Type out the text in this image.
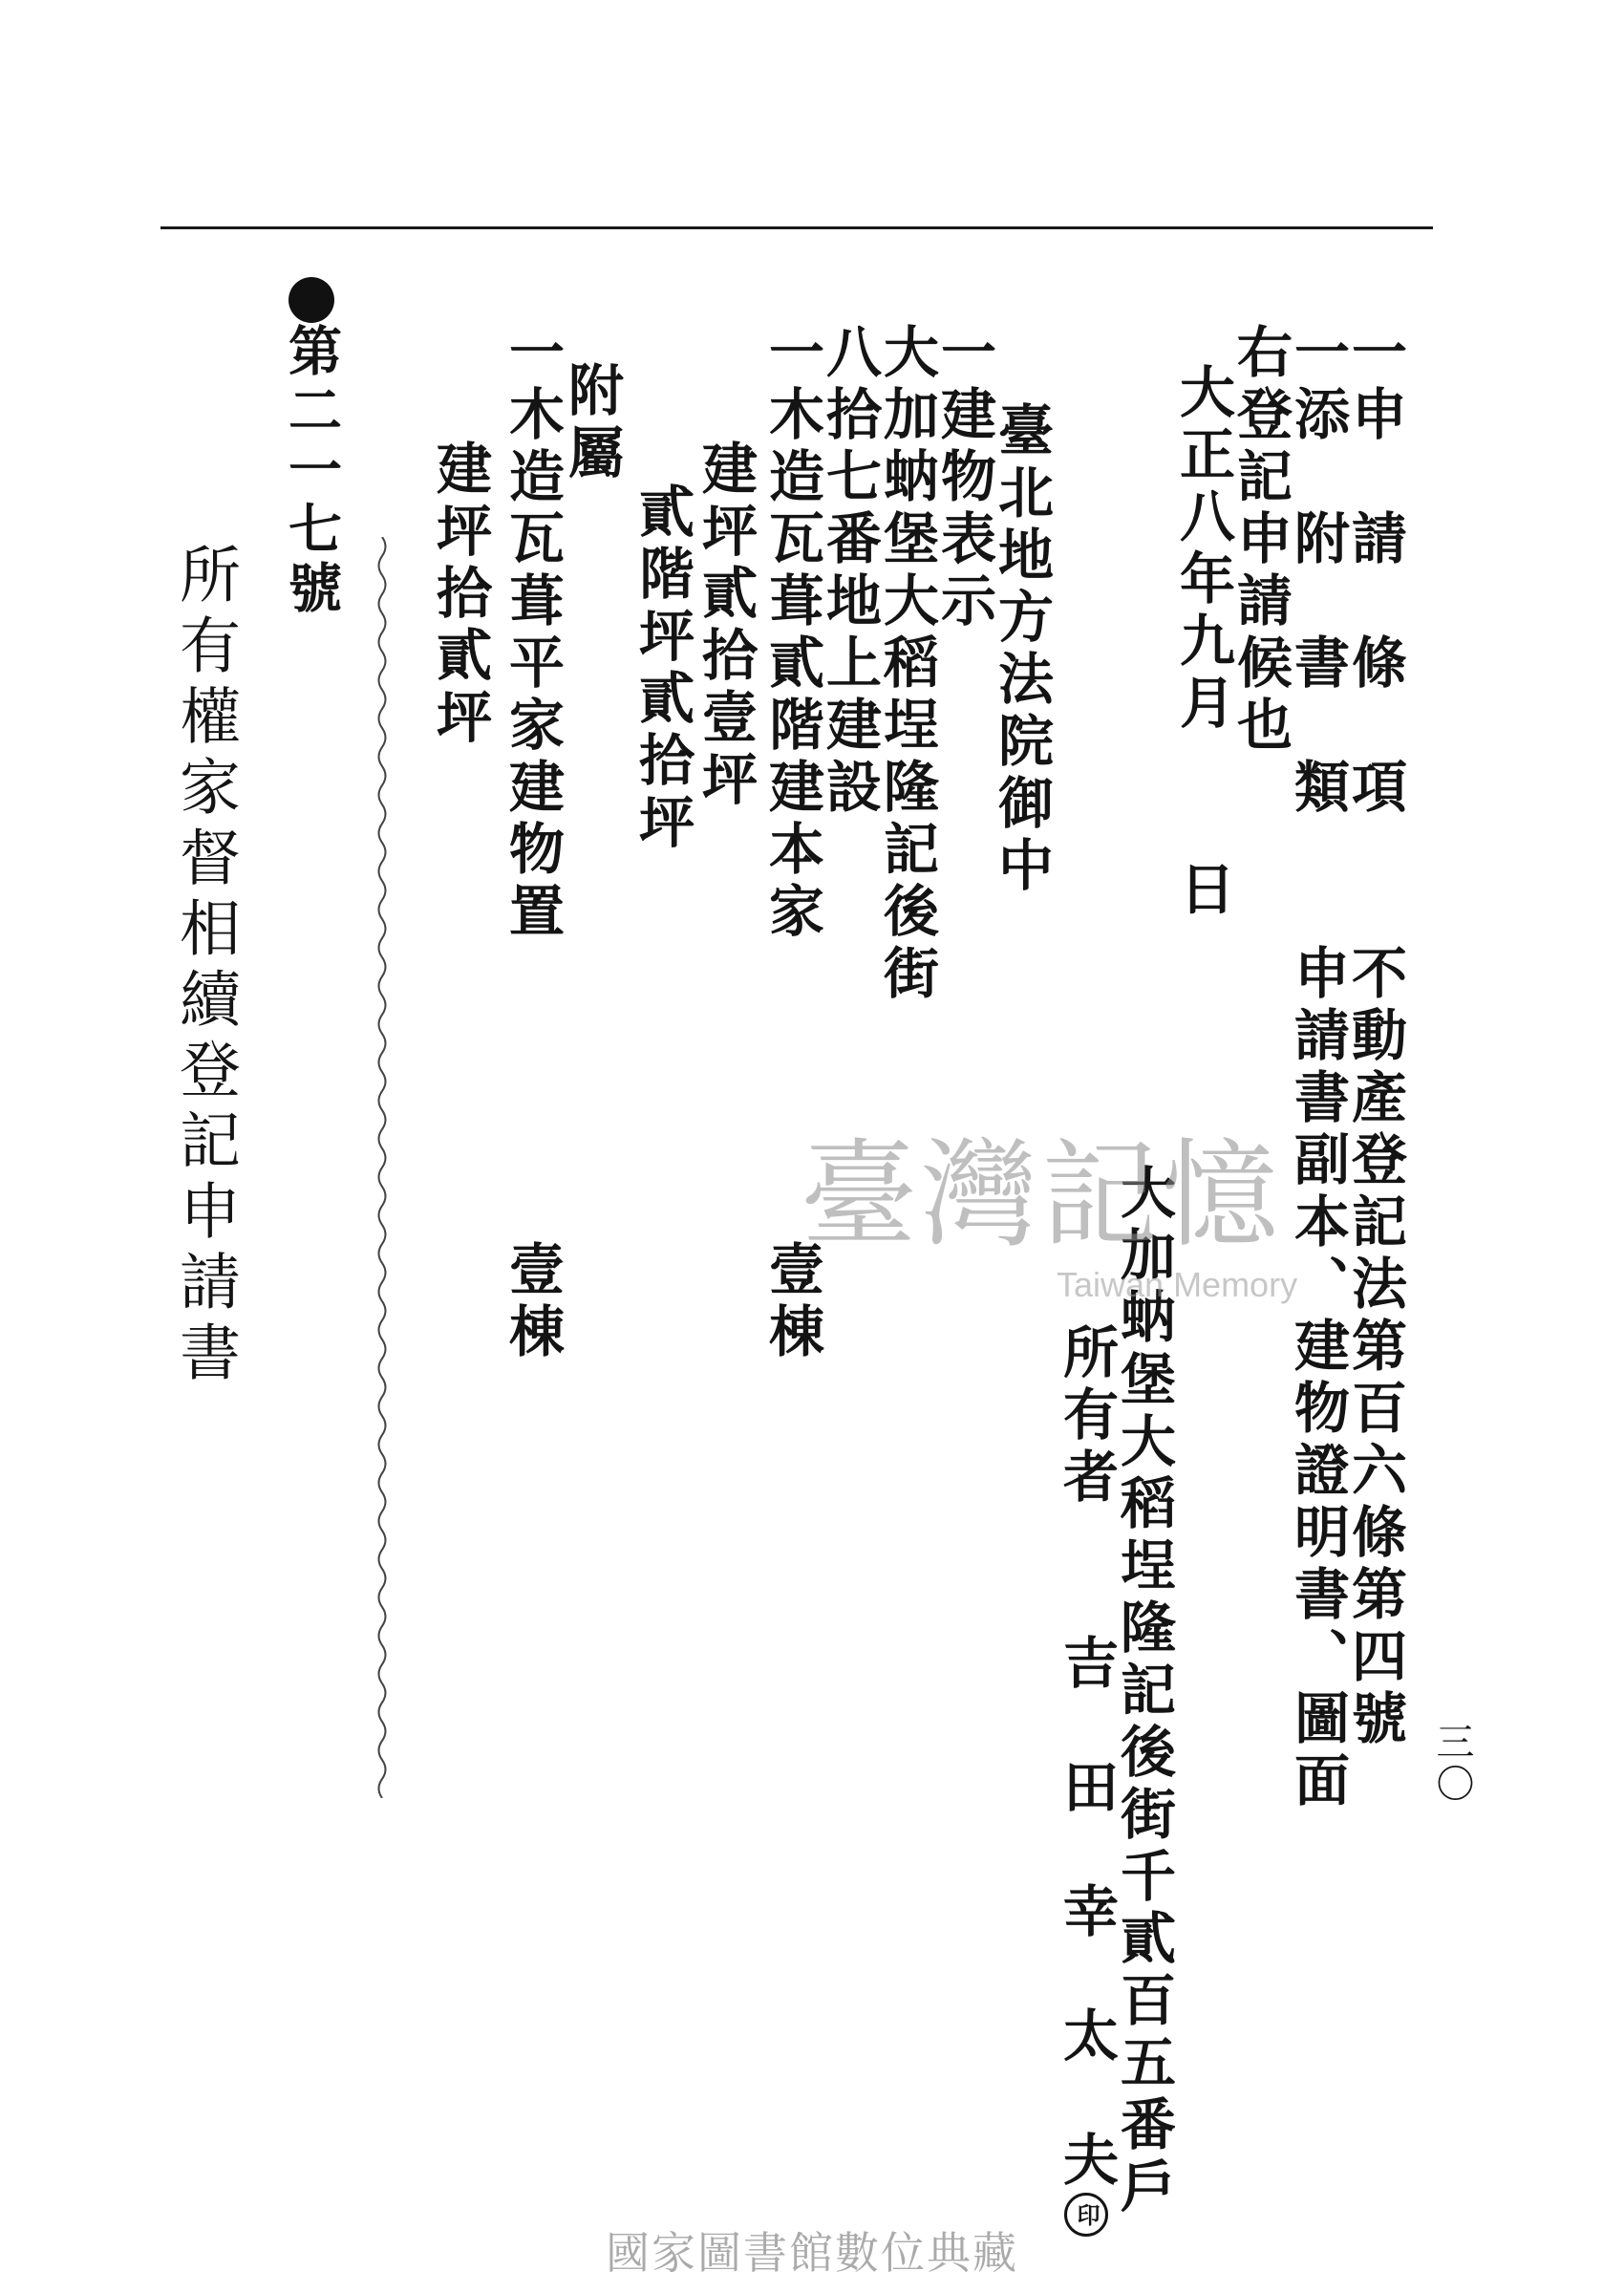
三〇
一申　請　條　項　　不動產登記法第百六條第四號
一添　附　書　類　　申請書副本、建物證明書、圖面
右登記申請候也
大正八年九月　　日
大加蚋堡大稻埕隆記後街千貳百五番戶
所有者　　吉　田　幸　太　夫印
臺北地方法院御中
一建物表示
大加蚋堡大稻埕隆記後街
八拾七番地上建設
一木造瓦葺貳階建本家
壹棟
建坪貳拾壹坪
貳階坪貳拾坪
附屬
一木造瓦葺平家建物置
壹棟
建坪拾貳坪
第二一七號
所有權家督相續登記申請書	臺灣記憶
Taiwan Memory
國家圖書館數位典藏
